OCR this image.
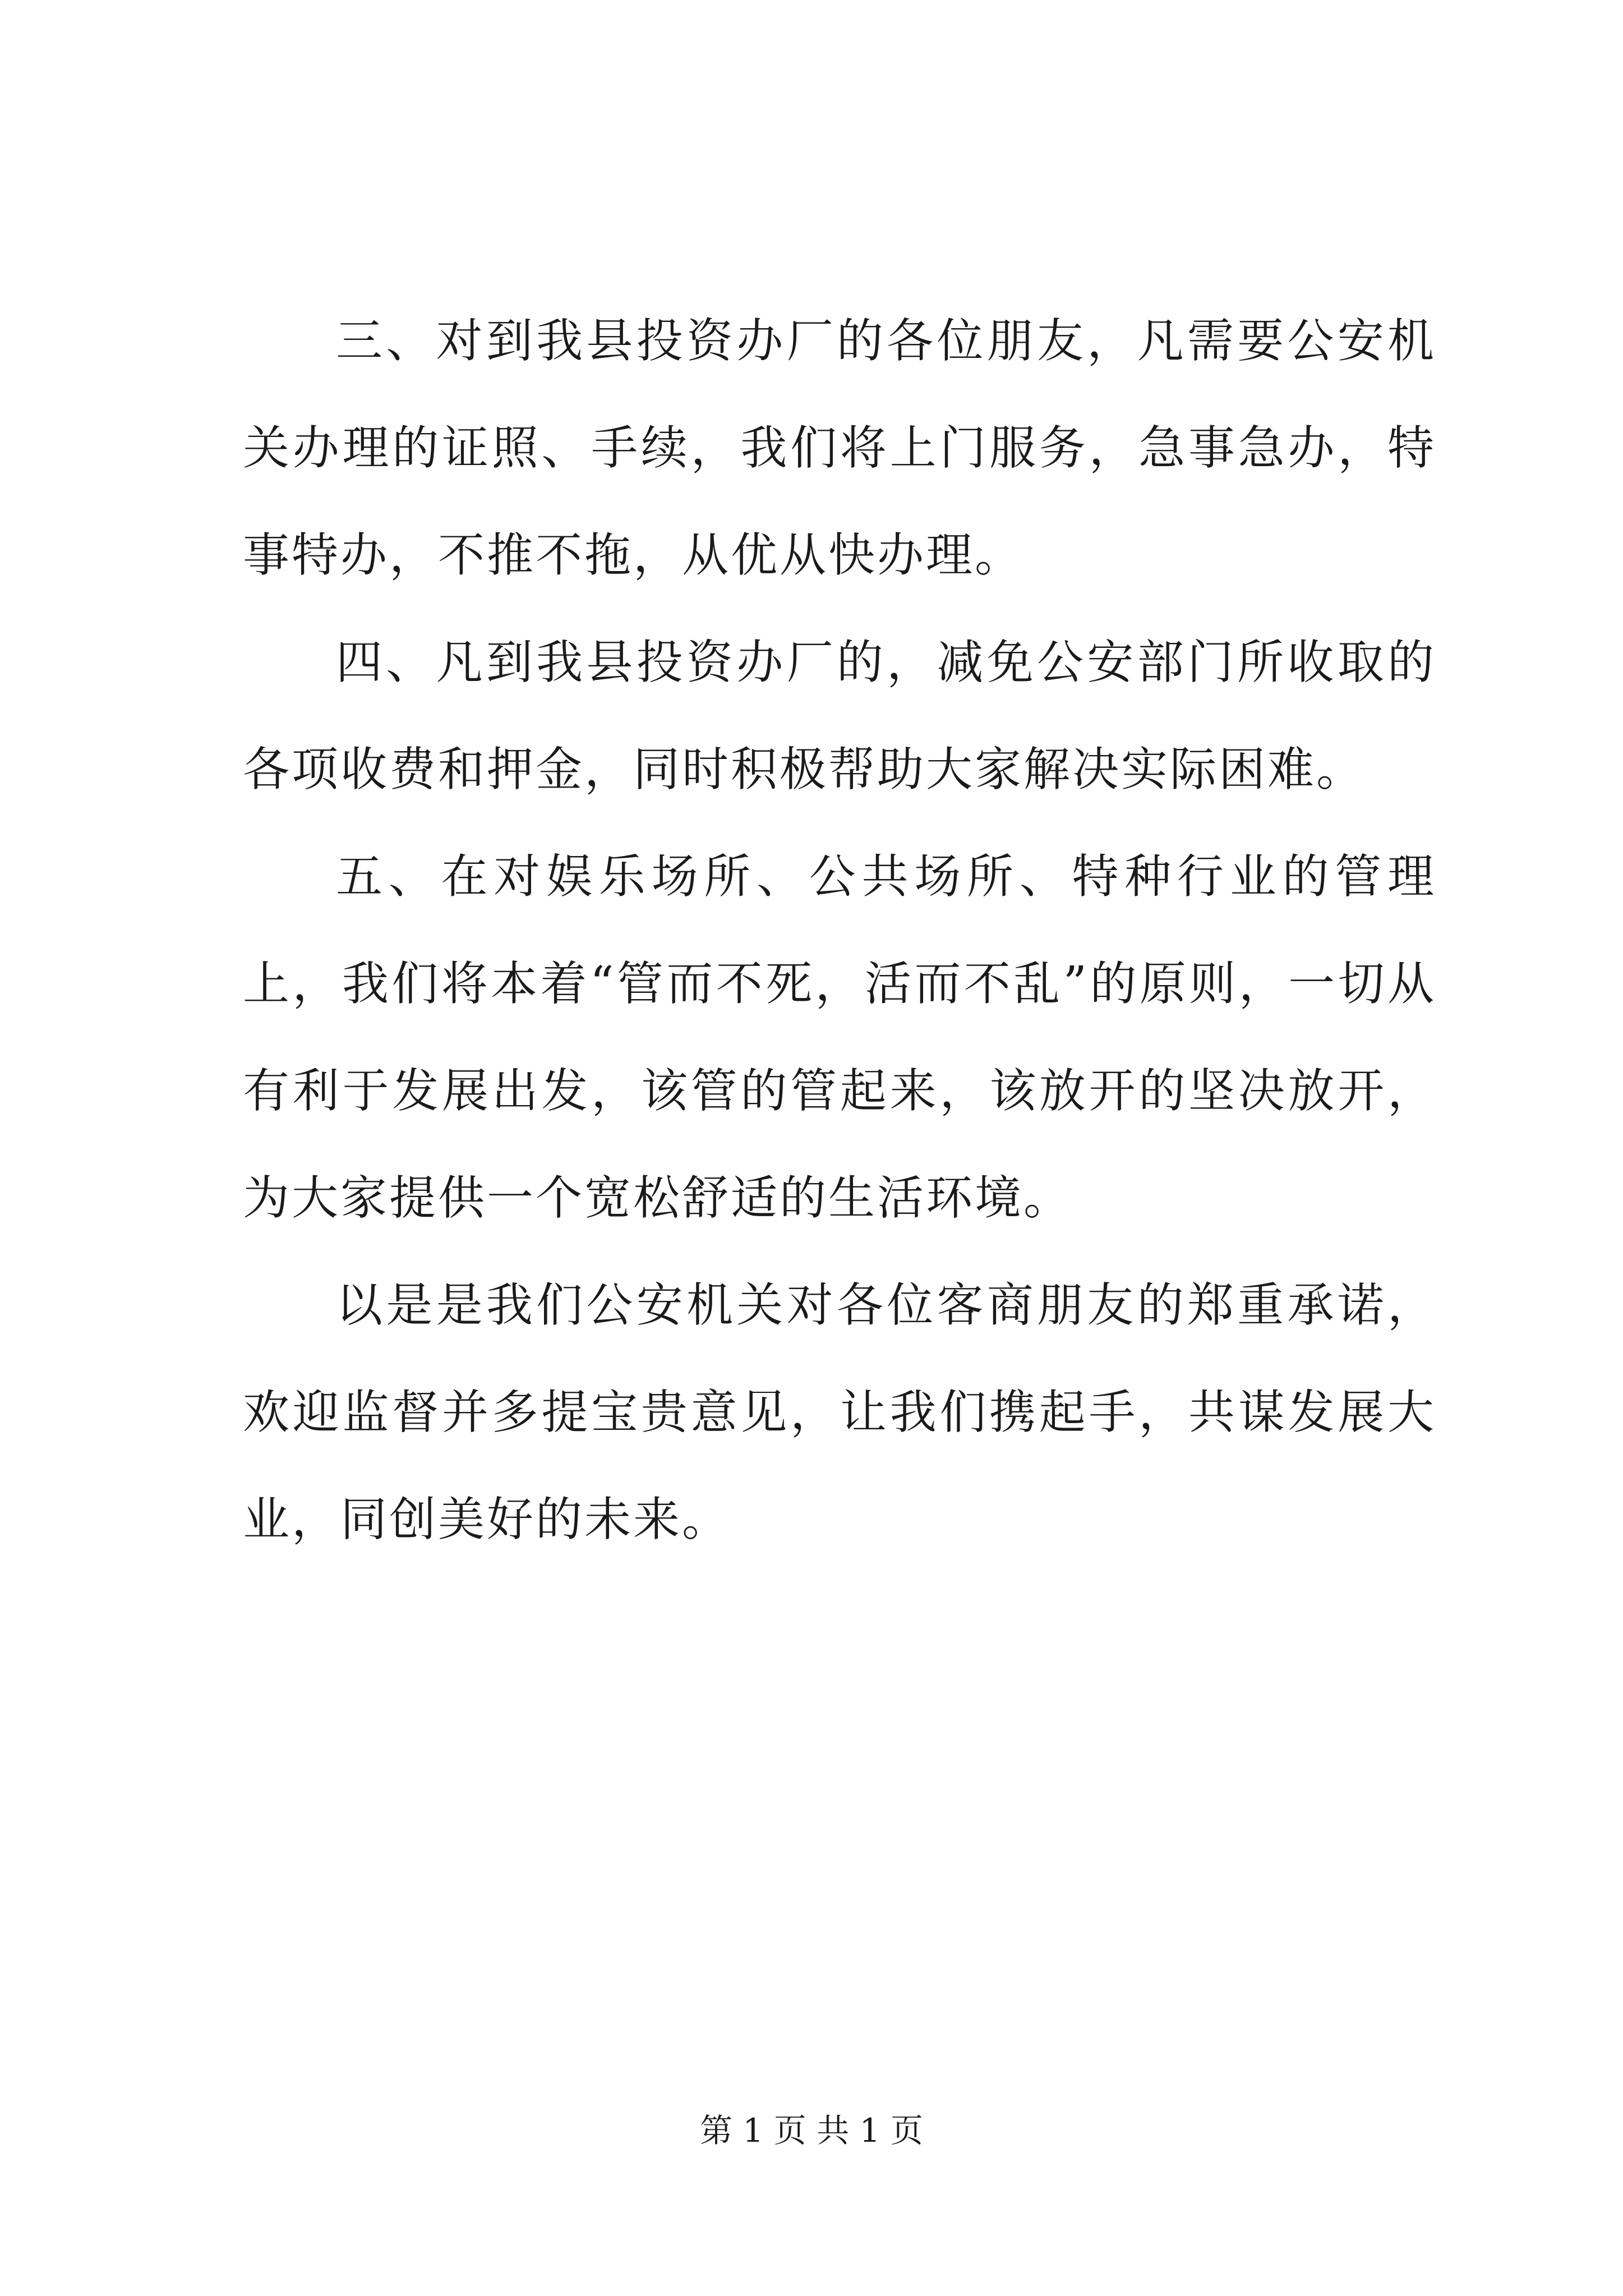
三、对到我县投资办厂的各位朋友，凡需要公安机关办理的证照、手续，我们将上门服务，急事急办，特事特办，不推不拖，从优从快办理。

四、凡到我县投资办厂的，减免公安部门所收取的各项收费和押金，同时积极帮助大家解决实际困难。

五、在对娱乐场所、公共场所、特种行业的管理上，我们将本着“管而不死，活而不乱”的原则，一切从有利于发展出发，该管的管起来，该放开的坚决放开，为大家提供一个宽松舒适的生活环境。

以是是我们公安机关对各位客商朋友的郑重承诺，欢迎监督并多提宝贵意见，让我们携起手，共谋发展大业，同创美好的未来。

第 1 页 共 1 页
